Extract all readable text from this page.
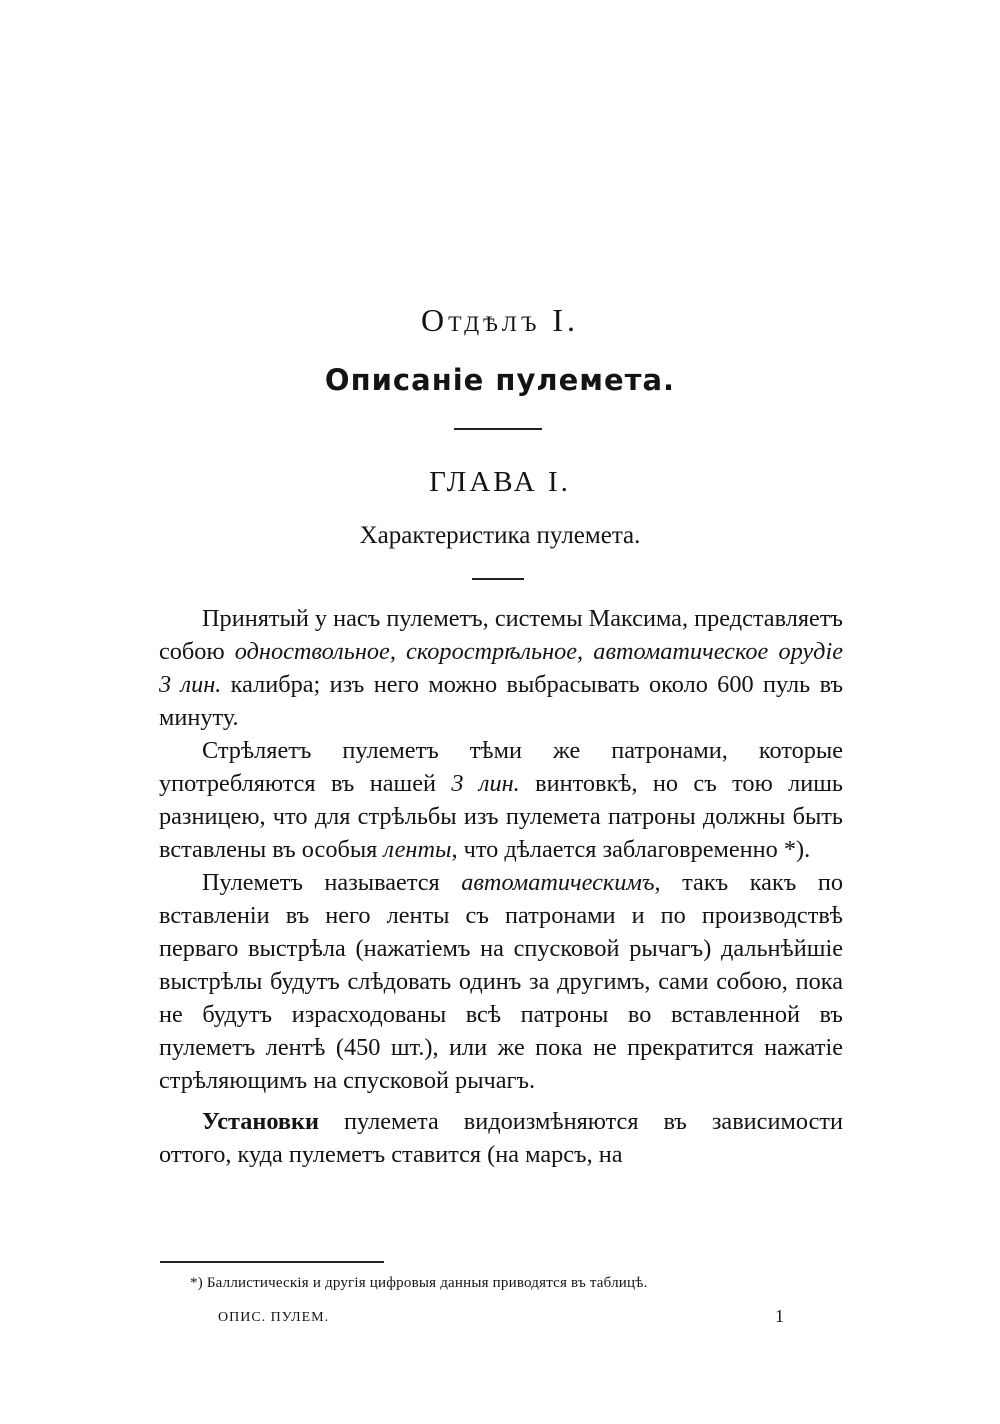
Отдѣлъ I.
Описаніе пулемета.
ГЛАВА I.
Характеристика пулемета.

Принятый у насъ пулеметъ, системы Максима, представляетъ собою одноствольное, скорострѣльное, автоматическое орудіе 3 лин. калибра; изъ него можно выбрасывать около 600 пуль въ минуту.

Стрѣляетъ пулеметъ тѣми же патронами, которые употребляются въ нашей 3 лин. винтовкѣ, но съ тою лишь разницею, что для стрѣльбы изъ пулемета патроны должны быть вставлены въ особыя ленты, что дѣлается заблаговременно *).

Пулеметъ называется автоматическимъ, такъ какъ по вставленіи въ него ленты съ патронами и по производствѣ перваго выстрѣла (нажатіемъ на спусковой рычагъ) дальнѣйшіе выстрѣлы будутъ слѣдовать одинъ за другимъ, сами собою, пока не будутъ израсходованы всѣ патроны во вставленной въ пулеметъ лентѣ (450 шт.), или же пока не прекратится нажатіе стрѣляющимъ на спусковой рычагъ.

Установки пулемета видоизмѣняются въ зависимости оттого, куда пулеметъ ставится (на марсъ, на

*) Баллистическія и другія цифровыя данныя приводятся въ таблицѣ.

ОПИС. ПУЛЕМ.	1
